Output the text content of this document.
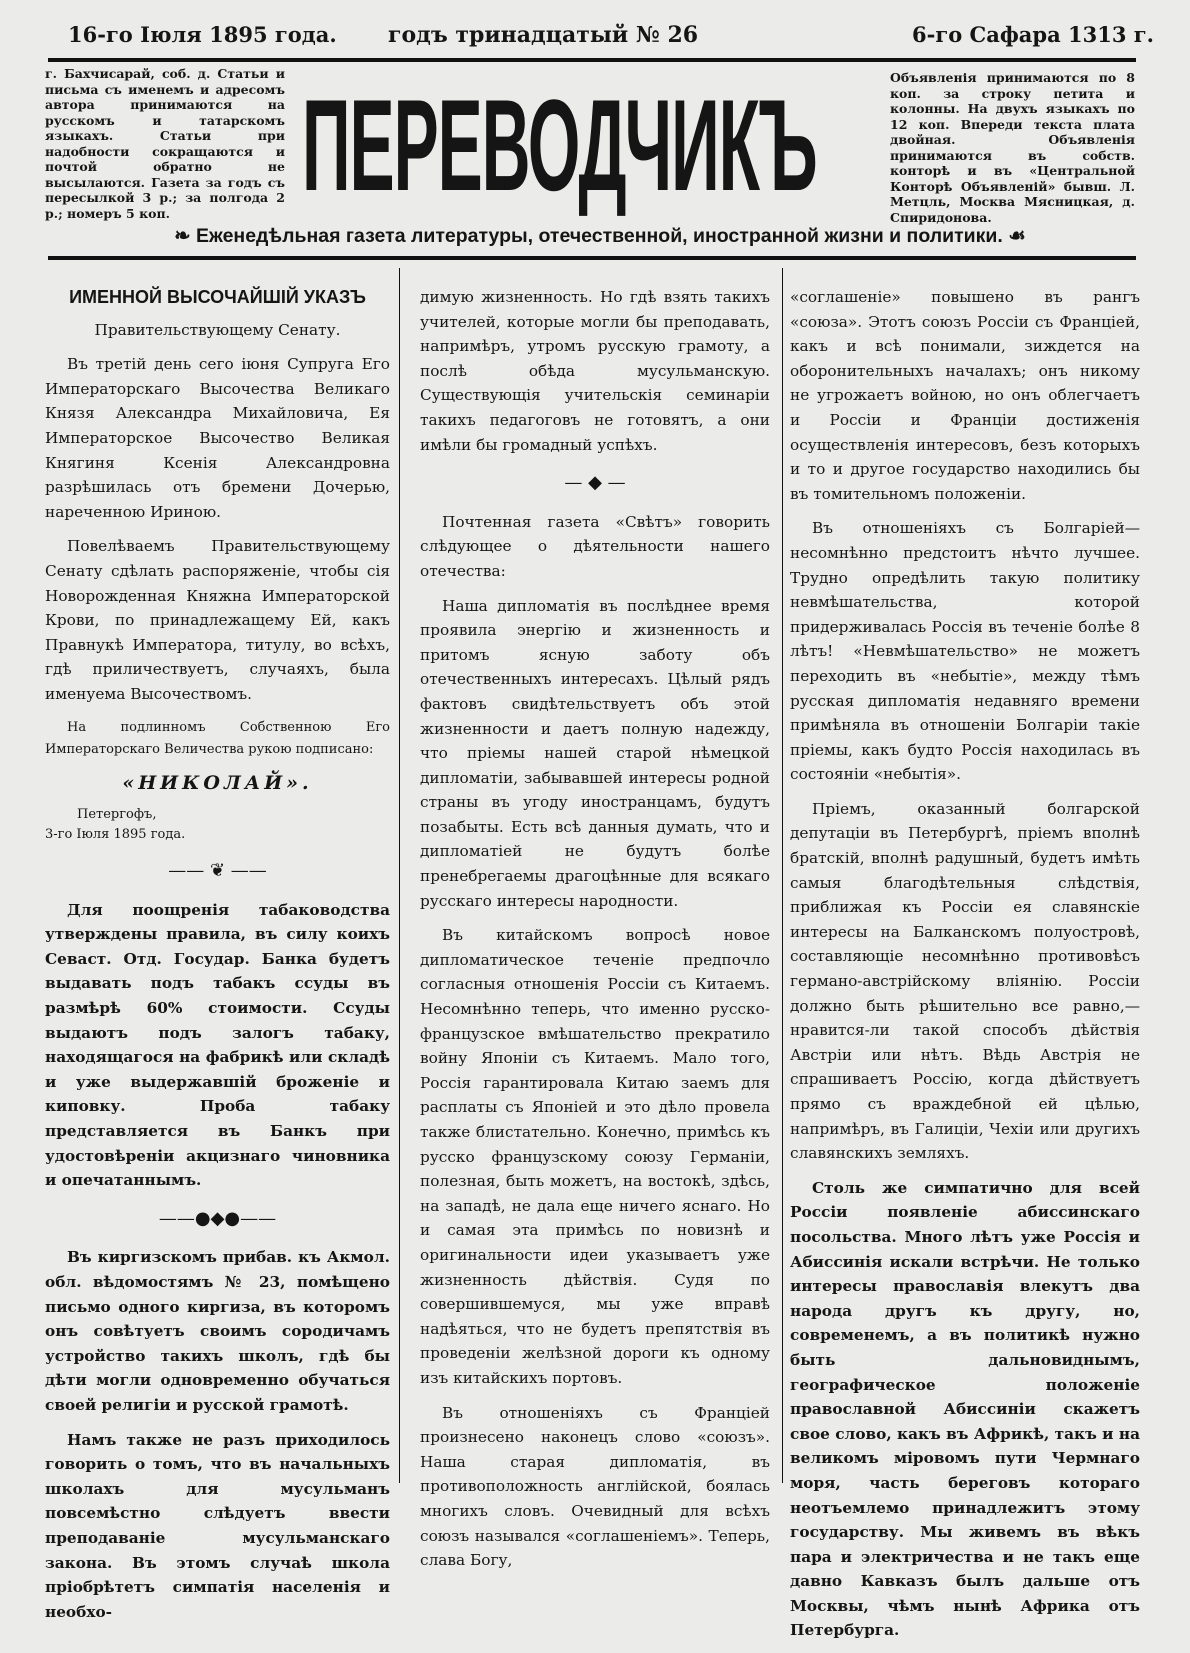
16-го Іюля 1895 года. годъ тринадцатый № 26	6-го Сафара 1313 г.
г. Бахчисарай, соб. д. Статьи и письма съ именемъ и адресомъ автора принимаются на русскомъ и татарскомъ языкахъ. Статьи при надобности сокращаются и почтой обратно не высылаются. Газета за годъ съ пересылкой 3 р.; за полгода 2 р.; номеръ 5 коп.	ПЕРЕВОДЧИКЪ	Объявленія принимаются по 8 коп. за строку петита и колонны. На двухъ языкахъ по 12 коп. Впереди текста плата двойная. Объявленія принимаются въ собств. конторѣ и въ «Центральной Конторѣ Объявленій» бывш. Л. Метцль, Москва Мясницкая, д. Спиридонова.
❧ Еженедѣльная газета литературы, отечественной, иностранной жизни и политики. ☙
ИМЕННОЙ ВЫСОЧАЙШІЙ УКАЗЪ

Правительствующему Сенату.

Въ третій день сего іюня Супруга Его Императорскаго Высочества Великаго Князя Александра Михайловича, Ея Императорское Высочество Великая Княгиня Ксенія Александровна разрѣшилась отъ бремени Дочерью, нареченною Ириною.

Повелѣваемъ Правительствующему Сенату сдѣлать распоряженіе, чтобы сія Новорожденная Княжна Императорской Крови, по принадлежащему Ей, какъ Правнукѣ Императора, титулу, во всѣхъ, гдѣ приличествуетъ, случаяхъ, была именуема Высочествомъ.

На подлинномъ Собственною Его Императорскаго Величества рукою подписано:

«НИКОЛАЙ».

Петергофъ,

3-го Іюля 1895 года.

—— ❦ ——

Для поощренія табаководства утверждены правила, въ силу коихъ Севаст. Отд. Государ. Банка будетъ выдавать подъ табакъ ссуды въ размѣрѣ 60% стоимости. Ссуды выдаютъ подъ залогъ табаку, находящагося на фабрикѣ или складѣ и уже выдержавшій броженіе и киповку. Проба табаку представляется въ Банкъ при удостовѣреніи акцизнаго чиновника и опечатаннымъ.

——●◆●——

Въ киргизскомъ прибав. къ Акмол. обл. вѣдомостямъ № 23, помѣщено письмо одного киргиза, въ которомъ онъ совѣтуетъ своимъ сородичамъ устройство такихъ школъ, гдѣ бы дѣти могли одновременно обучаться своей религіи и русской грамотѣ.

Намъ также не разъ приходилось говорить о томъ, что въ начальныхъ школахъ для мусульманъ повсемѣстно слѣдуетъ ввести преподаваніе мусульманскаго закона. Въ этомъ случаѣ школа пріобрѣтетъ симпатія населенія и необхо-

димую жизненность. Но гдѣ взять такихъ учителей, которые могли бы преподавать, напримѣръ, утромъ русскую грамоту, а послѣ обѣда мусульманскую. Существующія учительскія семинаріи такихъ педагоговъ не готовятъ, а они имѣли бы громадный успѣхъ.

— ◆ —

Почтенная газета «Свѣтъ» говорить слѣдующее о дѣятельности нашего отечества:

Наша дипломатія въ послѣднее время проявила энергію и жизненность и притомъ ясную заботу объ отечественныхъ интересахъ. Цѣлый рядъ фактовъ свидѣтельствуетъ объ этой жизненности и даетъ полную надежду, что пріемы нашей старой нѣмецкой дипломатіи, забывавшей интересы родной страны въ угоду иностранцамъ, будутъ позабыты. Есть всѣ данныя думать, что и дипломатіей не будутъ болѣе пренебрегаемы драгоцѣнные для всякаго русскаго интересы народности.

Въ китайскомъ вопросѣ новое дипломатическое теченіе предпочло согласныя отношенія Россіи съ Китаемъ. Несомнѣнно теперь, что именно русско-французское вмѣшательство прекратило войну Японіи съ Китаемъ. Мало того, Россія гарантировала Китаю заемъ для расплаты съ Японіей и это дѣло провела также блистательно. Конечно, примѣсь къ русско французскому союзу Германіи, полезная, быть можетъ, на востокѣ, здѣсь, на западѣ, не дала еще ничего яснаго. Но и самая эта примѣсь по новизнѣ и оригинальности идеи указываетъ уже жизненность дѣйствія. Судя по совершившемуся, мы уже вправѣ надѣяться, что не будетъ препятствія въ проведеніи желѣзной дороги къ одному изъ китайскихъ портовъ.

Въ отношеніяхъ съ Франціей произнесено наконецъ слово «союзъ». Наша старая дипломатія, въ противоположность англійской, боялась многихъ словъ. Очевидный для всѣхъ союзъ назывался «соглашеніемъ». Теперь, слава Богу,

«соглашеніе» повышено въ рангъ «союза». Этотъ союзъ Россіи съ Франціей, какъ и всѣ понимали, зиждется на оборонительныхъ началахъ; онъ никому не угрожаетъ войною, но онъ облегчаетъ и Россіи и Франціи достиженія осуществленія интересовъ, безъ которыхъ и то и другое государство находились бы въ томительномъ положеніи.

Въ отношеніяхъ съ Болгаріей—несомнѣнно предстоитъ нѣчто лучшее. Трудно опредѣлить такую политику невмѣшательства, которой придерживалась Россія въ теченіе болѣе 8 лѣтъ! «Невмѣшательство» не можетъ переходить въ «небытіе», между тѣмъ русская дипломатія недавняго времени примѣняла въ отношеніи Болгаріи такіе пріемы, какъ будто Россія находилась въ состояніи «небытія».

Пріемъ, оказанный болгарской депутаціи въ Петербургѣ, пріемъ вполнѣ братскій, вполнѣ радушный, будетъ имѣть самыя благодѣтельныя слѣдствія, приближая къ Россіи ея славянскіе интересы на Балканскомъ полуостровѣ, составляющіе несомнѣнно противовѣсъ германо-австрійскому вліянію. Россіи должно быть рѣшительно все равно,—нравится-ли такой способъ дѣйствія Австріи или нѣтъ. Вѣдь Австрія не спрашиваетъ Россію, когда дѣйствуетъ прямо съ враждебной ей цѣлью, напримѣръ, въ Галиціи, Чехіи или другихъ славянскихъ земляхъ.

Столь же симпатично для всей Россіи появленіе абиссинскаго посольства. Много лѣтъ уже Россія и Абиссинія искали встрѣчи. Не только интересы православія влекутъ два народа другъ къ другу, но, современемъ, а въ политикѣ нужно быть дальновиднымъ, географическое положеніе православной Абиссиніи скажетъ свое слово, какъ въ Африкѣ, такъ и на великомъ міровомъ пути Чермнаго моря, часть береговъ котораго неотъемлемо принадлежитъ этому государству. Мы живемъ въ вѣкъ пара и электричества и не такъ еще давно Кавказъ былъ дальше отъ Москвы, чѣмъ нынѣ Африка отъ Петербурга.
